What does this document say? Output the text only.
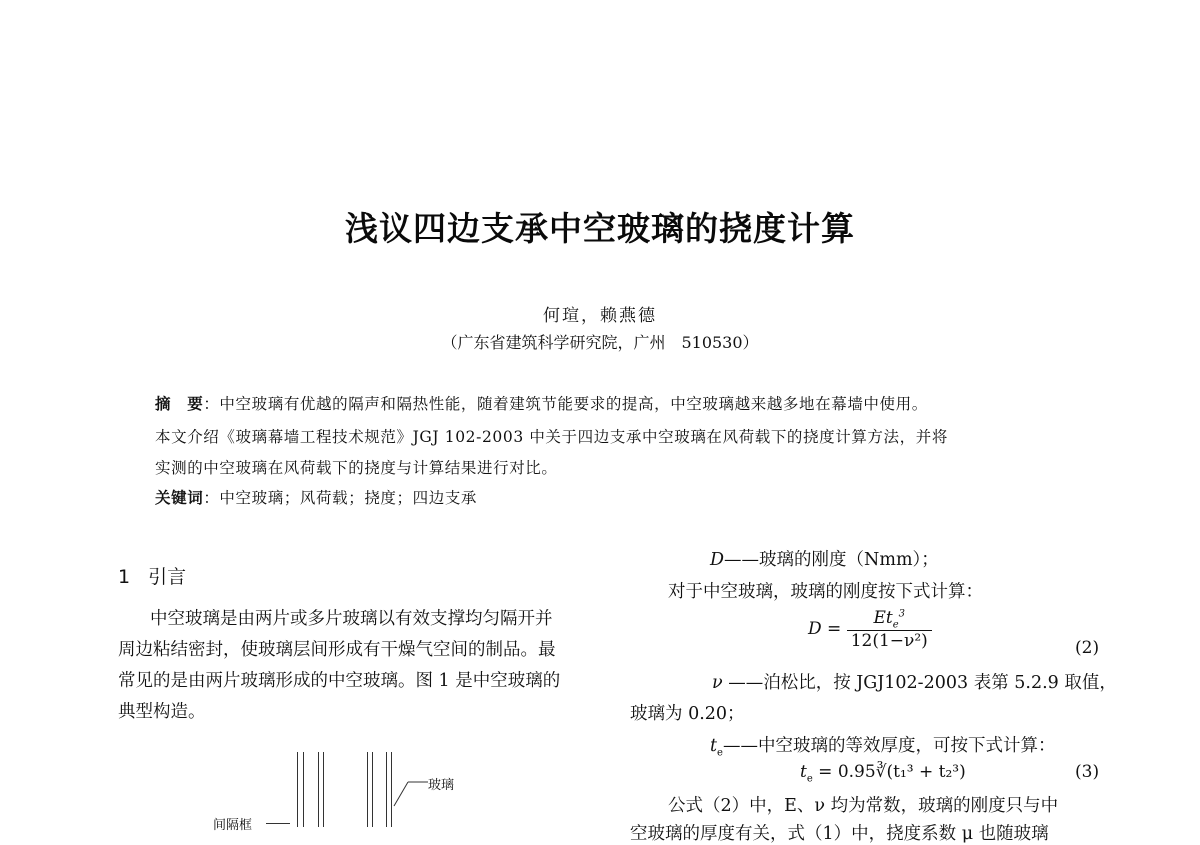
浅议四边支承中空玻璃的挠度计算
何瑄，赖燕德
（广东省建筑科学研究院，广州　510530）
摘　要：中空玻璃有优越的隔声和隔热性能，随着建筑节能要求的提高，中空玻璃越来越多地在幕墙中使用。
本文介绍《玻璃幕墙工程技术规范》JGJ 102-2003 中关于四边支承中空玻璃在风荷载下的挠度计算方法，并将
实测的中空玻璃在风荷载下的挠度与计算结果进行对比。
关键词：中空玻璃；风荷载；挠度；四边支承
1 引言
中空玻璃是由两片或多片玻璃以有效支撑均匀隔开并
周边粘结密封，使玻璃层间形成有干燥气空间的制品。最
常见的是由两片玻璃形成的中空玻璃。图 1 是中空玻璃的
典型构造。
玻璃
间隔框
D——玻璃的刚度（Nmm）；
对于中空玻璃，玻璃的刚度按下式计算：
$D = \frac{Et_e^3}{\text{12(1−ν²)}}$	(2)
ν ——泊松比，按 JGJ102-2003 表第 5.2.9 取值，
玻璃为 0.20；
$t_e——$中空玻璃的等效厚度，可按下式计算：
$t_e$ = 0.95∛(t₁³ + t₂³)	(3)
公式（2）中，E、ν 均为常数，玻璃的刚度只与中
空玻璃的厚度有关，式（1）中，挠度系数 μ 也随玻璃
